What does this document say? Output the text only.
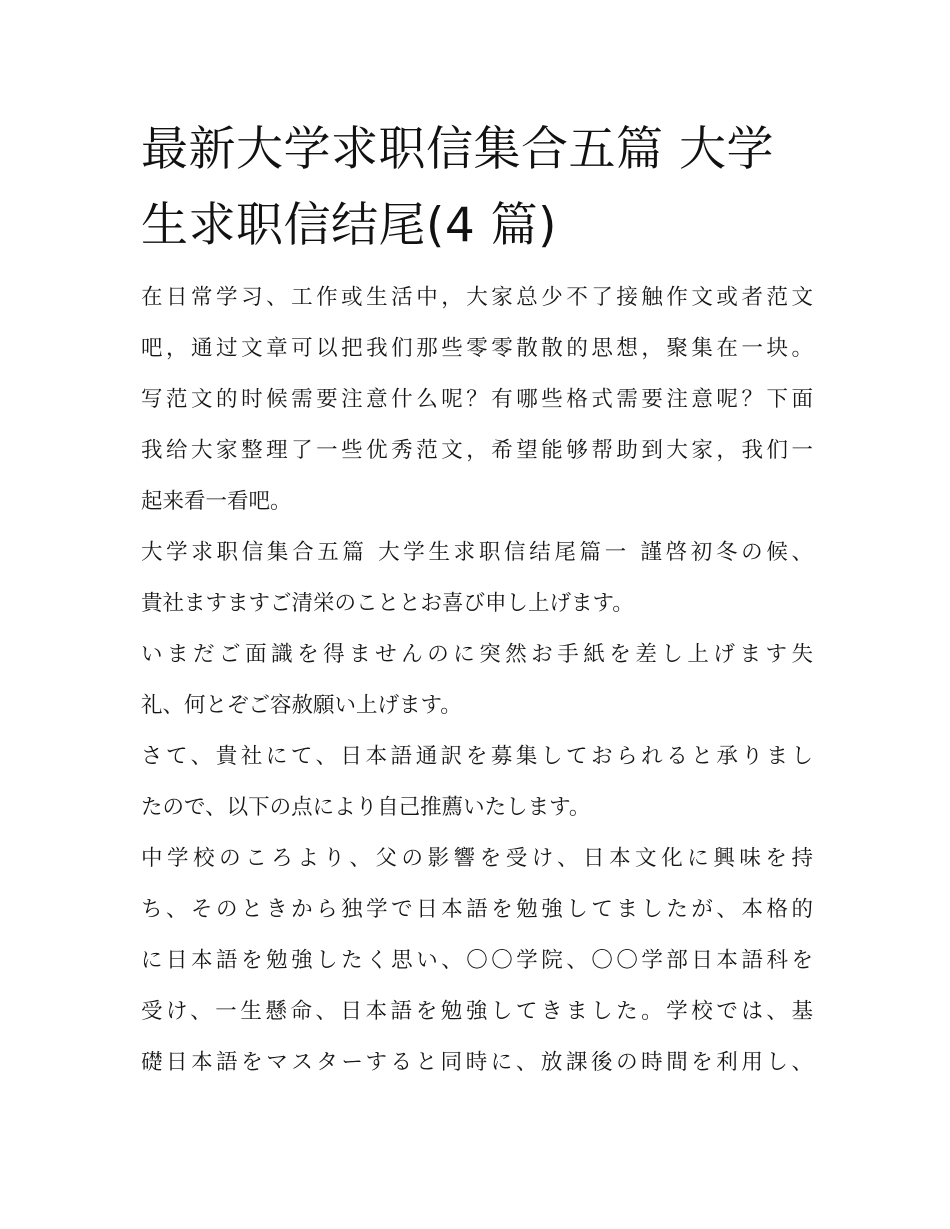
最新大学求职信集合五篇 大学
生求职信结尾(4 篇)

在日常学习、工作或生活中，大家总少不了接触作文或者范文
吧，通过文章可以把我们那些零零散散的思想，聚集在一块。
写范文的时候需要注意什么呢？有哪些格式需要注意呢？下面
我给大家整理了一些优秀范文，希望能够帮助到大家，我们一
起来看一看吧。

大学求职信集合五篇 大学生求职信结尾篇一 謹啓初冬の候、
貴社ますますご清栄のこととお喜び申し上げます。

いまだご面識を得ませんのに突然お手紙を差し上げます失
礼、何とぞご容赦願い上げます。

さて、貴社にて、日本語通訳を募集しておられると承りまし
たので、以下の点により自己推薦いたします。

中学校のころより、父の影響を受け、日本文化に興味を持
ち、そのときから独学で日本語を勉強してましたが、本格的
に日本語を勉強したく思い、〇〇学院、〇〇学部日本語科を
受け、一生懸命、日本語を勉強してきました。学校では、基
礎日本語をマスターすると同時に、放課後の時間を利用し、
